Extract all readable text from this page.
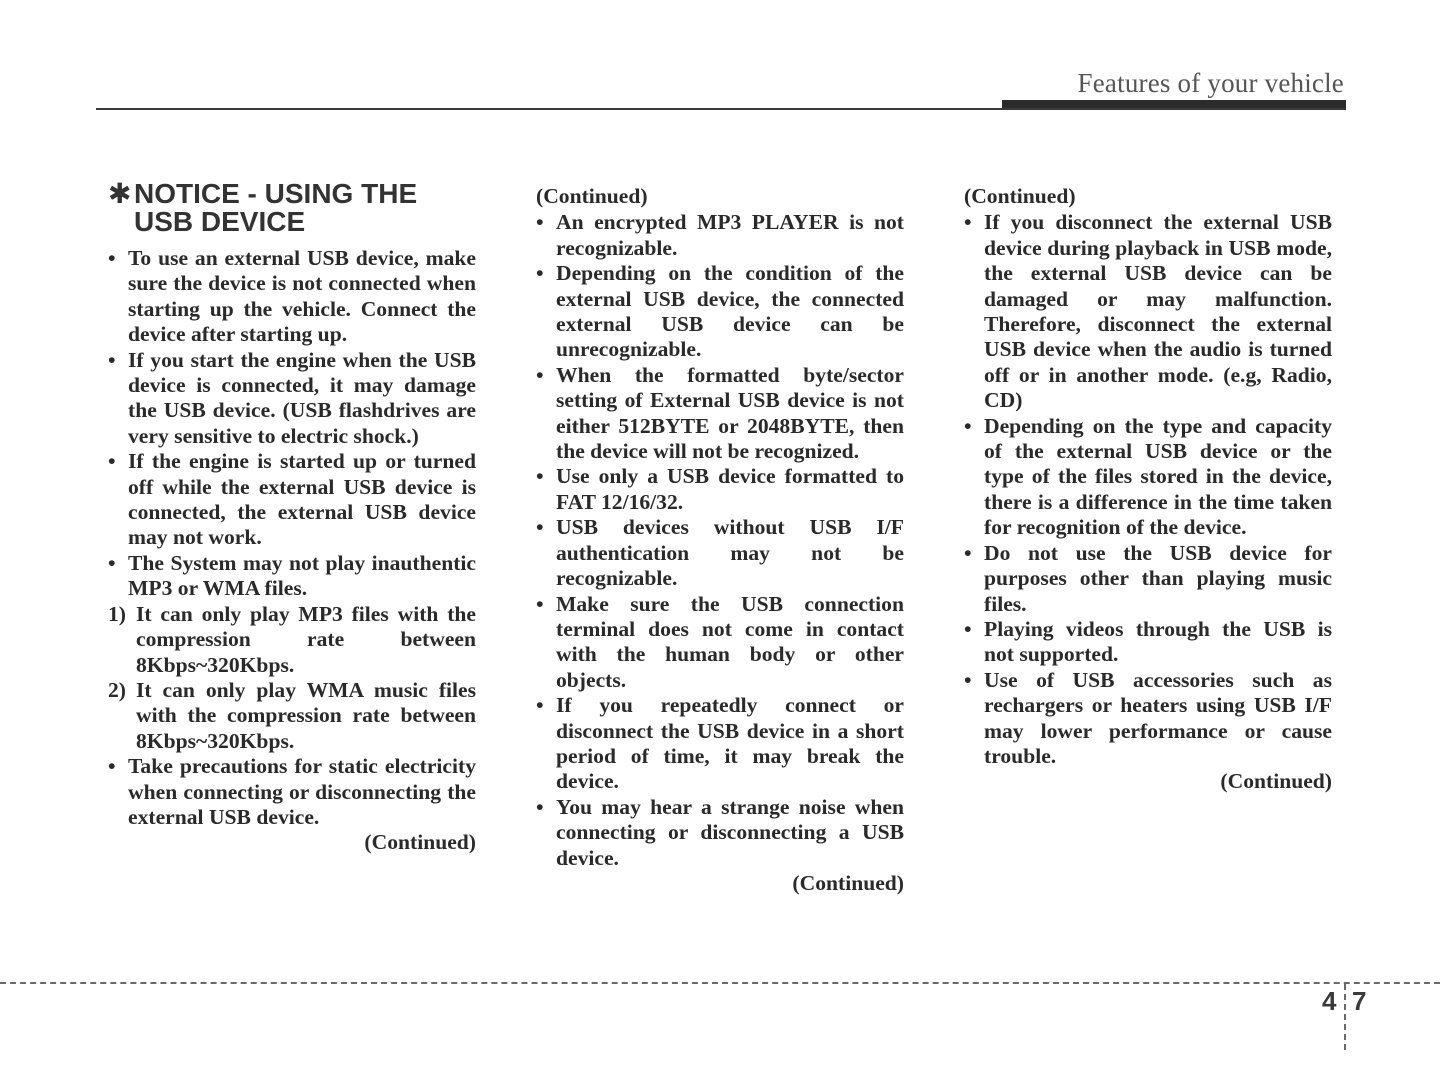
Features of your vehicle
✱ NOTICE - USING THE
USB DEVICE
• To use an external USB device, make sure the device is not connected when starting up the vehicle. Connect the device after starting up.
• If you start the engine when the USB device is connected, it may damage the USB device. (USB flashdrives are very sensitive to electric shock.)
• If the engine is started up or turned off while the external USB device is connected, the external USB device may not work.
• The System may not play inauthentic MP3 or WMA files.
1) It can only play MP3 files with the compression rate between 8Kbps~320Kbps.
2) It can only play WMA music files with the compression rate between 8Kbps~320Kbps.
• Take precautions for static electricity when connecting or disconnecting the external USB device.
(Continued)
(Continued)
• An encrypted MP3 PLAYER is not recognizable.
• Depending on the condition of the external USB device, the connected external USB device can be unrecognizable.
• When the formatted byte/sector setting of External USB device is not either 512BYTE or 2048BYTE, then the device will not be recognized.
• Use only a USB device formatted to FAT 12/16/32.
• USB devices without USB I/F authentication may not be recognizable.
• Make sure the USB connection terminal does not come in contact with the human body or other objects.
• If you repeatedly connect or disconnect the USB device in a short period of time, it may break the device.
• You may hear a strange noise when connecting or disconnecting a USB device.
(Continued)
(Continued)
• If you disconnect the external USB device during playback in USB mode, the external USB device can be damaged or may malfunction. Therefore, disconnect the external USB device when the audio is turned off or in another mode. (e.g, Radio, CD)
• Depending on the type and capacity of the external USB device or the type of the files stored in the device, there is a difference in the time taken for recognition of the device.
• Do not use the USB device for purposes other than playing music files.
• Playing videos through the USB is not supported.
• Use of USB accessories such as rechargers or heaters using USB I/F may lower performance or cause trouble.
(Continued)
4 7
